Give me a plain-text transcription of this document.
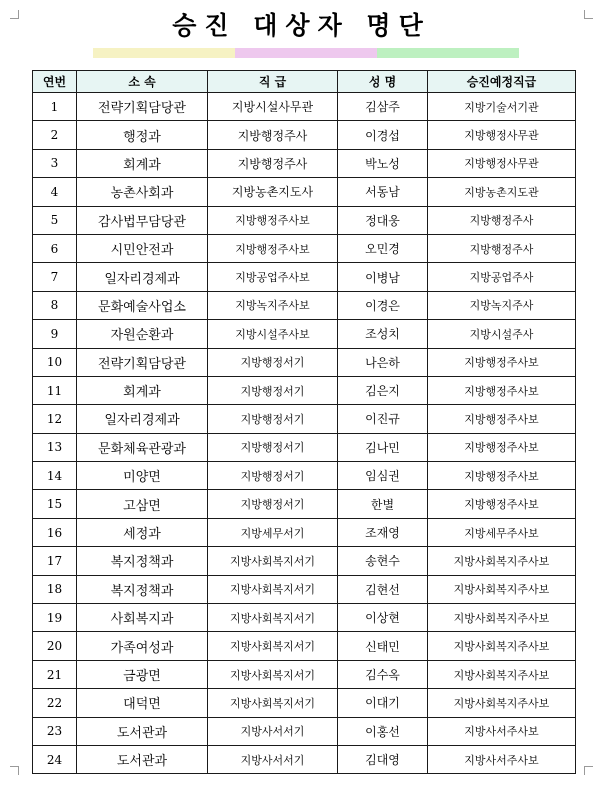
승진 대상자 명단
연번	소 속	직 급	성 명	승진예정직급
1	전략기획담당관	지방시설사무관	김삼주	지방기술서기관
2	행정과	지방행정주사	이경섭	지방행정사무관
3	회계과	지방행정주사	박노성	지방행정사무관
4	농촌사회과	지방농촌지도사	서동남	지방농촌지도관
5	감사법무담당관	지방행정주사보	정대웅	지방행정주사
6	시민안전과	지방행정주사보	오민경	지방행정주사
7	일자리경제과	지방공업주사보	이병남	지방공업주사
8	문화예술사업소	지방녹지주사보	이경은	지방녹지주사
9	자원순환과	지방시설주사보	조성치	지방시설주사
10	전략기획담당관	지방행정서기	나은하	지방행정주사보
11	회계과	지방행정서기	김은지	지방행정주사보
12	일자리경제과	지방행정서기	이진규	지방행정주사보
13	문화체육관광과	지방행정서기	김나민	지방행정주사보
14	미양면	지방행정서기	임심권	지방행정주사보
15	고삼면	지방행정서기	한별	지방행정주사보
16	세정과	지방세무서기	조재영	지방세무주사보
17	복지정책과	지방사회복지서기	송현수	지방사회복지주사보
18	복지정책과	지방사회복지서기	김현선	지방사회복지주사보
19	사회복지과	지방사회복지서기	이상현	지방사회복지주사보
20	가족여성과	지방사회복지서기	신태민	지방사회복지주사보
21	금광면	지방사회복지서기	김수옥	지방사회복지주사보
22	대덕면	지방사회복지서기	이대기	지방사회복지주사보
23	도서관과	지방사서서기	이홍선	지방사서주사보
24	도서관과	지방사서서기	김대영	지방사서주사보
